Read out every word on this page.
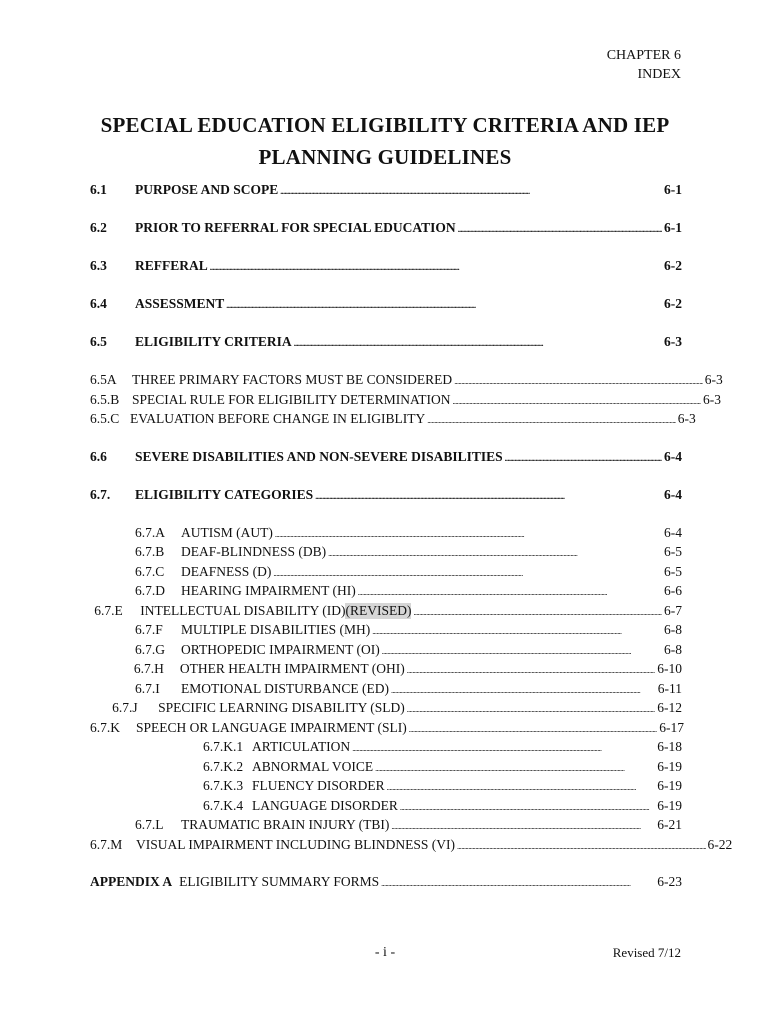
CHAPTER 6
INDEX
SPECIAL EDUCATION ELIGIBILITY CRITERIA AND IEP
PLANNING GUIDELINES
6.1	PURPOSE AND SCOPE . . .	6-1
6.2	PRIOR TO REFERRAL FOR SPECIAL EDUCATION . . .	6-1
6.3	REFFERAL . . .	6-2
6.4	ASSESSMENT . . .	6-2
6.5	ELIGIBILITY CRITERIA . . .	6-3
6.5A	THREE PRIMARY FACTORS MUST BE CONSIDERED . . .	6-3
6.5.B SPECIAL RULE FOR ELIGIBILITY DETERMINATION . . .	6-3
6.5.C EVALUATION BEFORE CHANGE IN ELIGIBLITY . . .	6-3
6.6	SEVERE DISABILITIES AND NON-SEVERE DISABILITIES . . .	6-4
6.7.	ELIGIBILITY CATEGORIES . . .	6-4
6.7.A	AUTISM (AUT) . . .	6-4
6.7.B	DEAF-BLINDNESS (DB) . . .	6-5
6.7.C	DEAFNESS (D) . . .	6-5
6.7.D	HEARING IMPAIRMENT (HI) . . .	6-6
6.7.E	INTELLECTUAL DISABILITY (ID) (REVISED) . . .	6-7
6.7.F	MULTIPLE DISABILITIES (MH) . . .	6-8
6.7.G	ORTHOPEDIC IMPAIRMENT (OI) . . .	6-8
6.7.H	OTHER HEALTH IMPAIRMENT (OHI) . . .	6-10
6.7.I	EMOTIONAL DISTURBANCE (ED) . . .	6-11
6.7.J	SPECIFIC LEARNING DISABILITY (SLD) . . .	6-12
6.7.K	SPEECH OR LANGUAGE IMPAIRMENT (SLI) . . .	6-17
6.7.K.1 ARTICULATION . . .	6-18
6.7.K.2 ABNORMAL VOICE . . .	6-19
6.7.K.3 FLUENCY DISORDER . . .	6-19
6.7.K.4 LANGUAGE DISORDER . . .	6-19
6.7.L	TRAUMATIC BRAIN INJURY (TBI) . . .	6-21
6.7.M	VISUAL IMPAIRMENT INCLUDING BLINDNESS (VI) . . .	6-22
APPENDIX A ELIGIBILITY SUMMARY FORMS . . .	6-23
- i -	Revised 7/12
